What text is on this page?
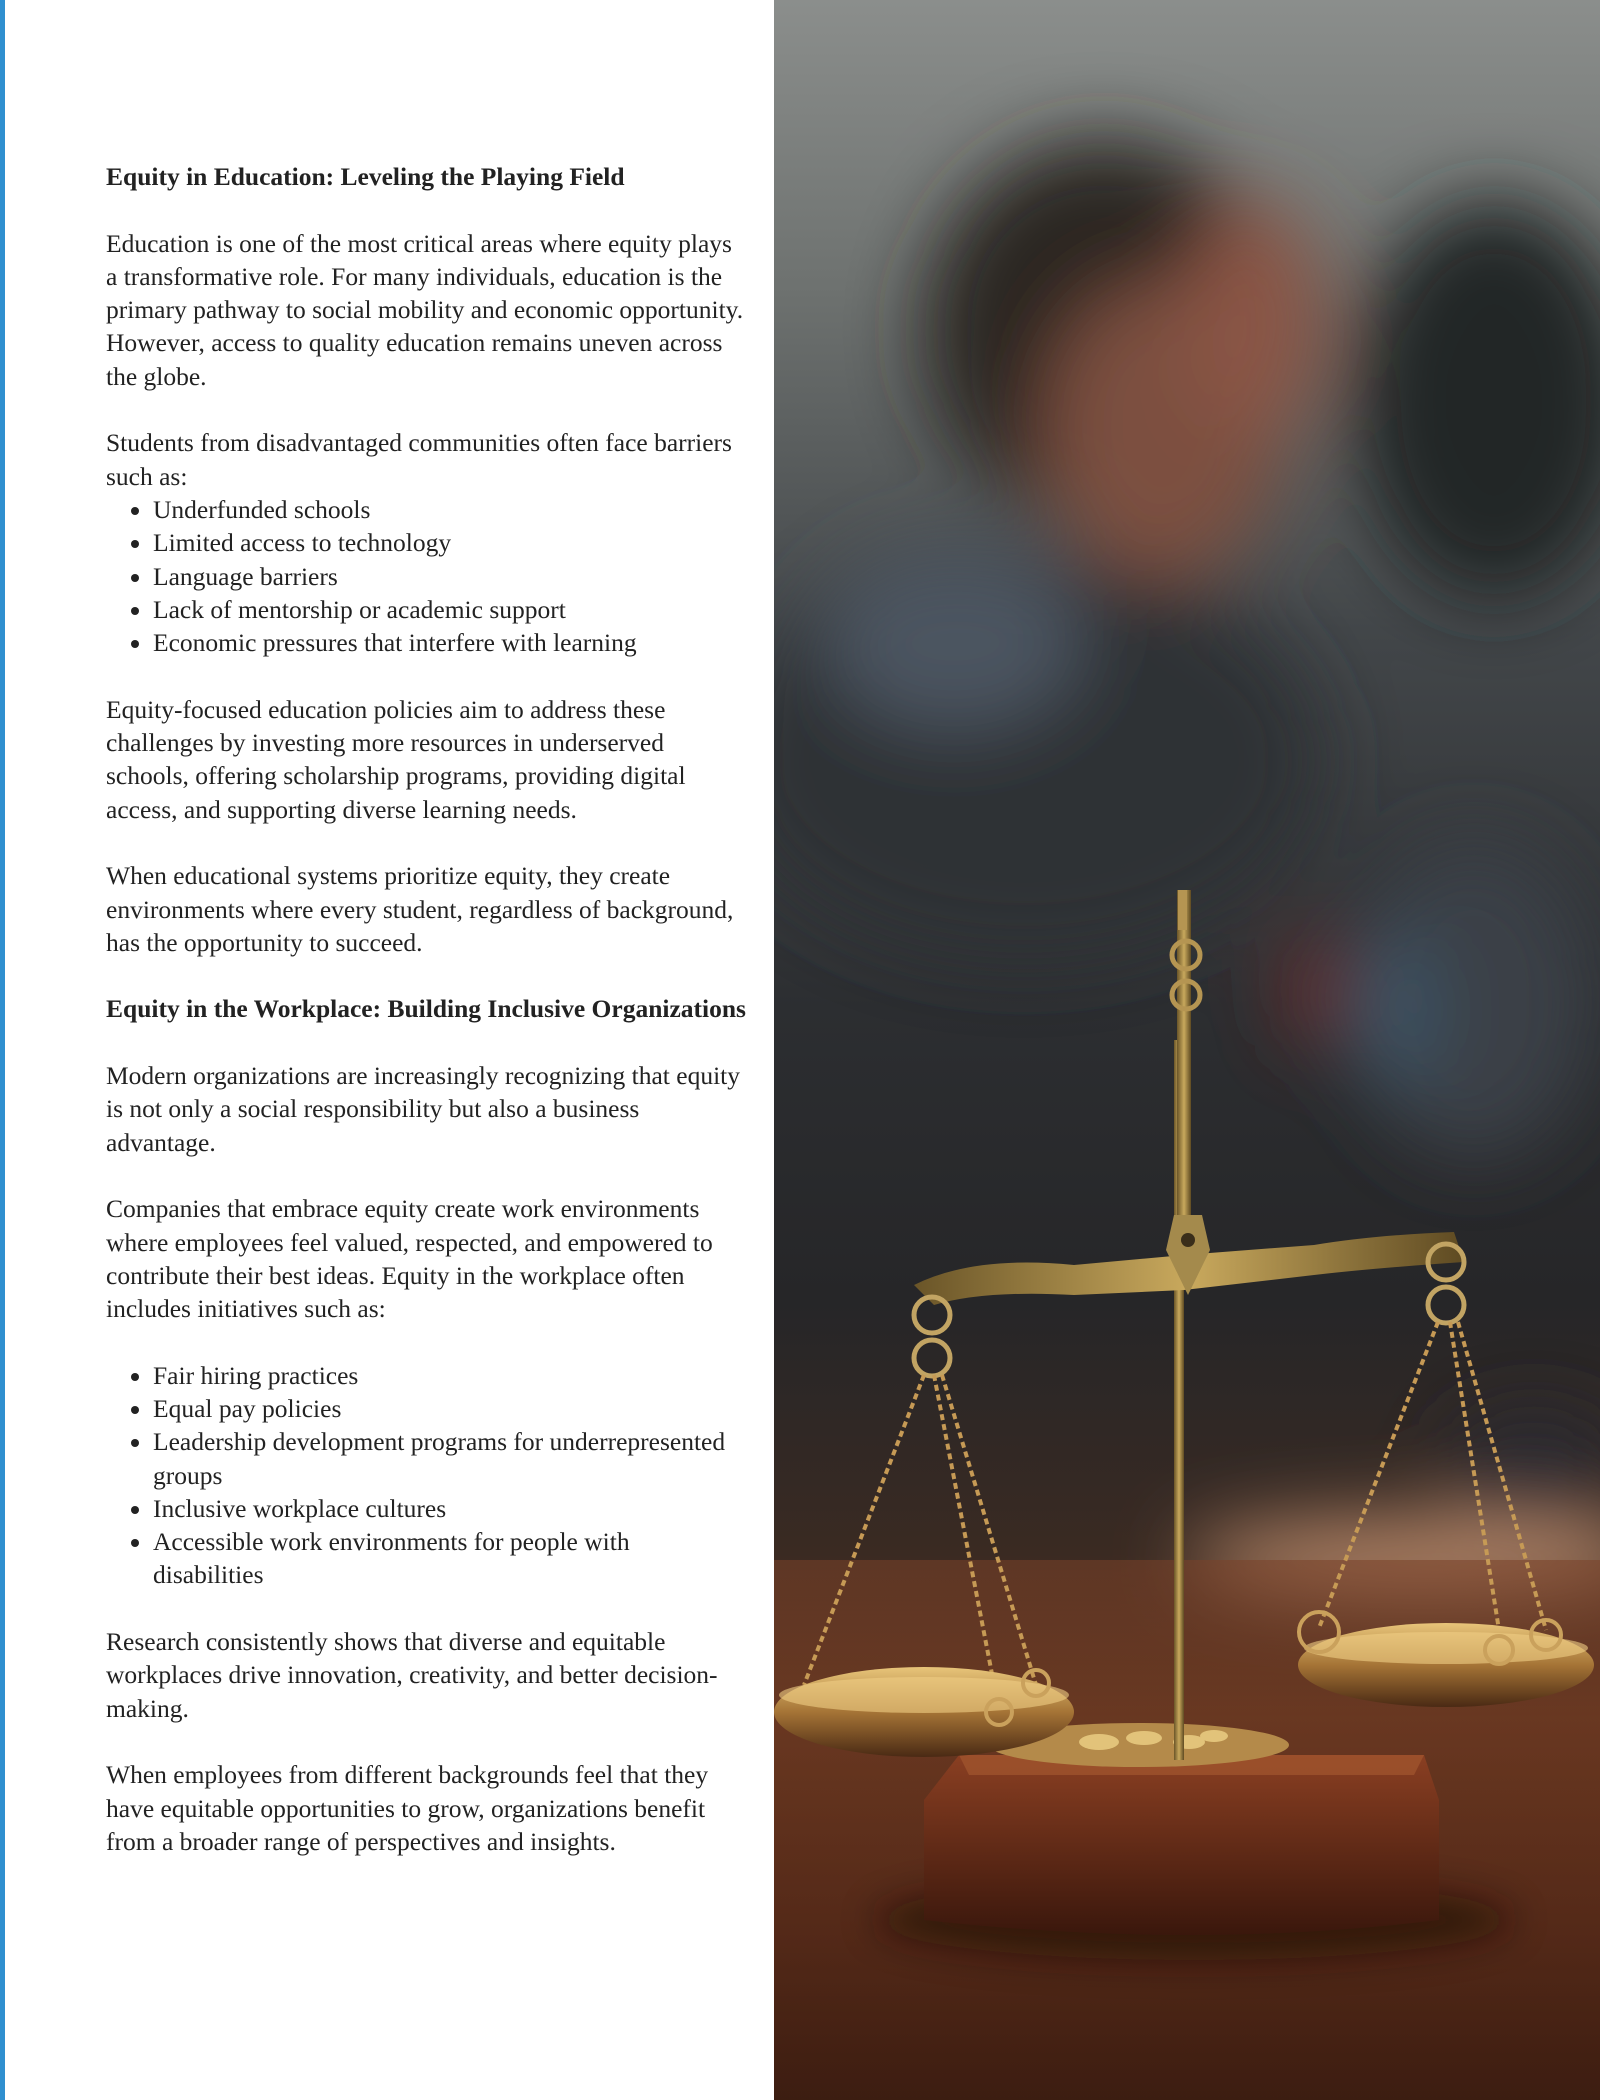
Equity in Education: Leveling the Playing Field

Education is one of the most critical areas where equity plays a transformative role. For many individuals, education is the primary pathway to social mobility and economic opportunity. However, access to quality education remains uneven across the globe.

Students from disadvantaged communities often face barriers such as:

• Underfunded schools
• Limited access to technology
• Language barriers
• Lack of mentorship or academic support
• Economic pressures that interfere with learning

Equity-focused education policies aim to address these challenges by investing more resources in underserved schools, offering scholarship programs, providing digital access, and supporting diverse learning needs.

When educational systems prioritize equity, they create environments where every student, regardless of background, has the opportunity to succeed.

Equity in the Workplace: Building Inclusive Organizations

Modern organizations are increasingly recognizing that equity is not only a social responsibility but also a business advantage.

Companies that embrace equity create work environments where employees feel valued, respected, and empowered to contribute their best ideas. Equity in the workplace often includes initiatives such as:

• Fair hiring practices
• Equal pay policies
• Leadership development programs for underrepresented groups
• Inclusive workplace cultures
• Accessible work environments for people with disabilities

Research consistently shows that diverse and equitable workplaces drive innovation, creativity, and better decision-making.

When employees from different backgrounds feel that they have equitable opportunities to grow, organizations benefit from a broader range of perspectives and insights.
